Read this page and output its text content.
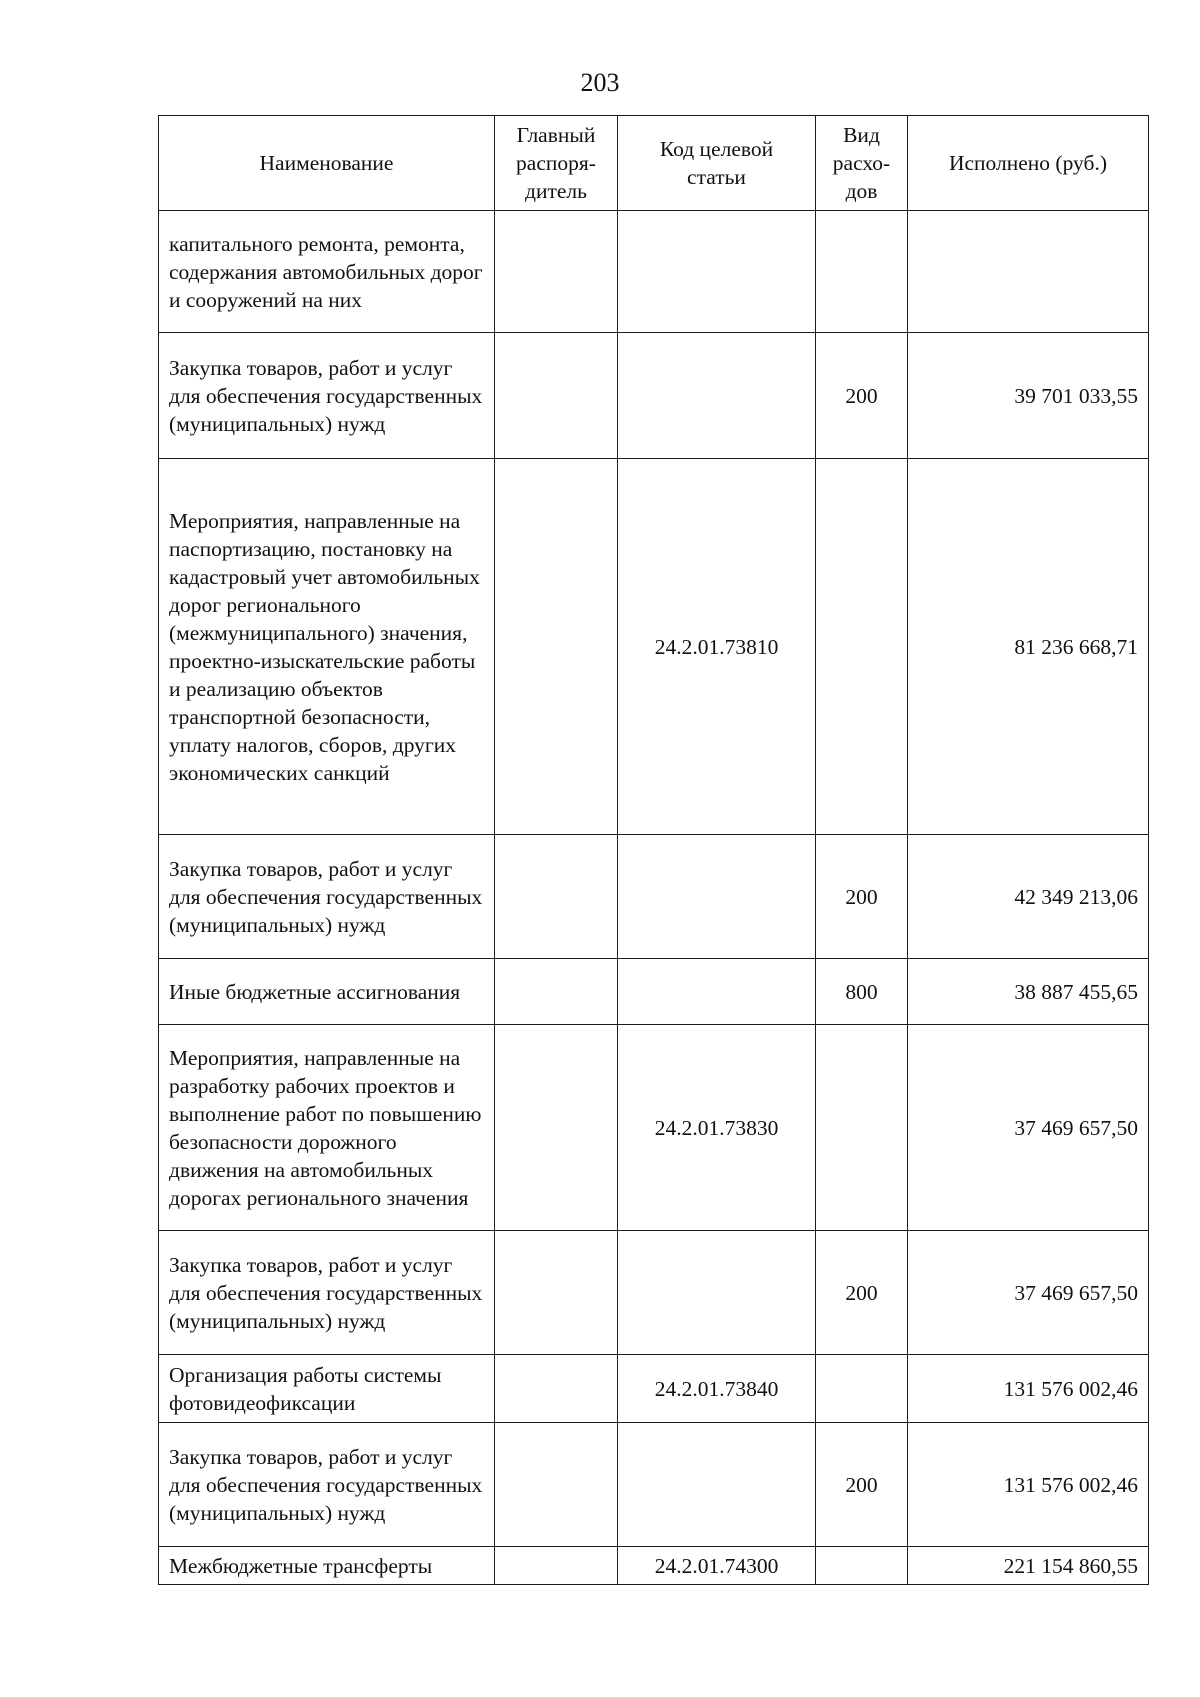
203
Наименование	Главный распоря-дитель	Код целевой статьи	Вид расхо-дов	Исполнено (руб.)
капитального ремонта, ремонта, содержания автомобильных дорог и сооружений на них				
Закупка товаров, работ и услуг для обеспечения государственных (муниципальных) нужд			200	39 701 033,55
Мероприятия, направленные на паспортизацию, постановку на кадастровый учет автомобильных дорог регионального (межмуниципального) значения, проектно-изыскательские работы и реализацию объектов транспортной безопасности, уплату налогов, сборов, других экономических санкций		24.2.01.73810		81 236 668,71
Закупка товаров, работ и услуг для обеспечения государственных (муниципальных) нужд			200	42 349 213,06
Иные бюджетные ассигнования			800	38 887 455,65
Мероприятия, направленные на разработку рабочих проектов и выполнение работ по повышению безопасности дорожного движения на автомобильных дорогах регионального значения		24.2.01.73830		37 469 657,50
Закупка товаров, работ и услуг для обеспечения государственных (муниципальных) нужд			200	37 469 657,50
Организация работы системы фотовидеофиксации		24.2.01.73840		131 576 002,46
Закупка товаров, работ и услуг для обеспечения государственных (муниципальных) нужд			200	131 576 002,46
Межбюджетные трансферты		24.2.01.74300		221 154 860,55
